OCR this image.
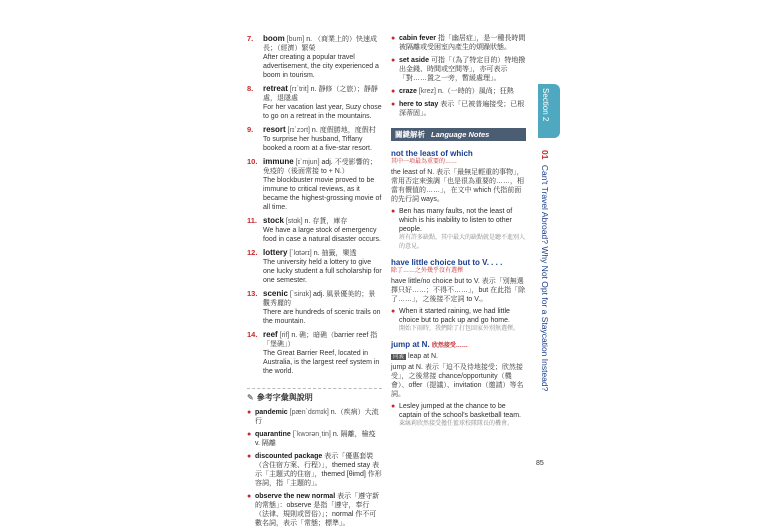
7. boom [bum] n. （商業上的）快速成長；（經濟）繁榮
After creating a popular travel advertisement, the city experienced a boom in tourism.
8. retreat [rɪˋtrit] n. 靜修（之旅）；靜靜處，退隱處
For her vacation last year, Suzy chose to go on a retreat in the mountains.
9. resort [rɪˋzɔrt] n. 度假勝地，度假村
To surprise her husband, Tiffany booked a room at a five-star resort.
10. immune [ɪˋmjun] adj. 不受影響的；免疫的（後面常接 to + N.）
The blockbuster movie proved to be immune to critical reviews, as it became the highest-grossing movie of all time.
11. stock [stɑk] n. 存貨，庫存
We have a large stock of emergency food in case a natural disaster occurs.
12. lottery [ˋlɑtərɪ] n. 抽籤，樂透
The university held a lottery to give one lucky student a full scholarship for one semester.
13. scenic [ˋsinɪk] adj. 風景優美的；景觀秀麗的
There are hundreds of scenic trails on the mountain.
14. reef [rif] n. 礁；暗礁（barrier reef 指「堡礁」）
The Great Barrier Reef, located in Australia, is the largest reef system in the world.
✎ 參考字彙與說明
● pandemic [pænˋdɛmɪk] n.（疾病）大流行
● quarantine [ˋkwɔrən͵tin] n. 隔離，檢疫 v. 隔離
● discounted package 表示「優惠套裝（含住宿方案、行程）」，themed stay 表示「主題式的住宿」，themed [θimd] 作形容詞，指「主題的」。
● observe the new normal 表示「遵守新的常態」：observe 是指「遵守，奉行（法律、規則或習俗）」；normal 作不可數名詞，表示「常態；標準」。
● cabin fever 指「幽居症」，是一種長時間被隔離或受困室內產生的煩躁狀態。
● set aside 可指「（為了特定目的）特地撥出金錢、時間或空間等」，亦可表示「對……置之一旁，暫緩處理」。
● craze [krez] n.（一時的）風尚；狂熱
● here to stay 表示「已被普遍接受；已根深蒂固」。
關鍵解析 Language Notes
not the least of which
其中一項最為重要的……
the least of N. 表示「最無足輕重的事物」，常用否定來強調「也是很為重要的……，相當有價值的……」，在文中 which 代指前面的先行詞 ways。
● Ben has many faults, not the least of which is his inability to listen to other people.
班有許多缺點，其中最大的缺點就是聽不進別人的意見。
have little choice but to V. . . .
除了……之外幾乎沒有選擇
have little/no choice but to V. 表示「別無選擇只好……；不得不……」，but 在此指「除了……」，之後接不定詞 to V.。
● When it started raining, we had little choice but to pack up and go home.
開始下雨時，我們除了打包回家外別無選擇。
jump at N. 欣然接受……
同義 leap at N.
jump at N. 表示「迫不及待地接受；欣然接受」，之後常接 chance/opportunity（機會）、offer（提議）、invitation（邀請）等名詞。
● Lesley jumped at the chance to be captain of the school's basketball team.
萊絲莉欣然接受擔任籃球校隊隊長的機會。
Section 2
01 Can't Travel Abroad? Why Not Opt for a Staycation Instead?
85
